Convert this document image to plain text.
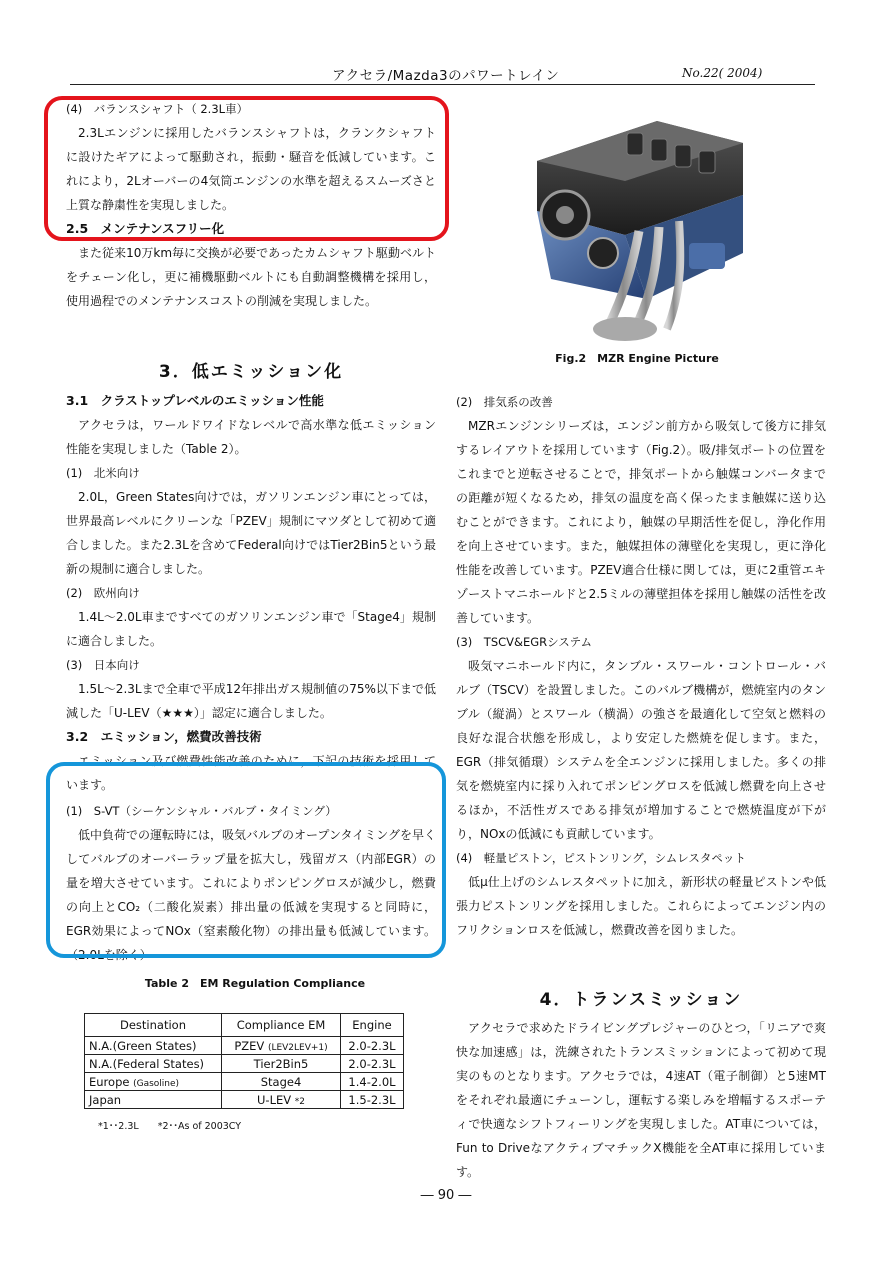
アクセラ/Mazda3のパワートレイン	No.22( 2004)
(4)　バランスシャフト（ 2.3L車）

2.3Lエンジンに採用したバランスシャフトは，クランクシャフトに設けたギアによって駆動され，振動・騒音を低減しています。これにより，2Lオーバーの4気筒エンジンの水準を超えるスムーズさと上質な静粛性を実現しました。

2.5　メンテナンスフリー化

また従来10万km毎に交換が必要であったカムシャフト駆動ベルトをチェーン化し，更に補機駆動ベルトにも自動調整機構を採用し，使用過程でのメンテナンスコストの削減を実現しました。

3．低エミッション化
3.1　クラストップレベルのエミッション性能

アクセラは，ワールドワイドなレベルで高水準な低エミッション性能を実現しました（Table 2）。

(1)　北米向け

2.0L，Green States向けでは，ガソリンエンジン車にとっては，世界最高レベルにクリーンな「PZEV」規制にマツダとして初めて適合しました。また2.3Lを含めてFederal向けではTier2Bin5という最新の規制に適合しました。

(2)　欧州向け

1.4L～2.0L車まですべてのガソリンエンジン車で「Stage4」規制に適合しました。

(3)　日本向け

1.5L～2.3Lまで全車で平成12年排出ガス規制値の75%以下まで低減した「U-LEV（★★★）」認定に適合しました。

3.2　エミッション，燃費改善技術

エミッション及び燃費性能改善のために，下記の技術を採用しています。

(1)　S-VT（シーケンシャル・バルブ・タイミング）

低中負荷での運転時には，吸気バルブのオープンタイミングを早くしてバルブのオーバーラップ量を拡大し，残留ガス（内部EGR）の量を増大させています。これによりポンピングロスが減少し，燃費の向上とCO₂（二酸化炭素）排出量の低減を実現すると同時に，EGR効果によってNOx（窒素酸化物）の排出量も低減しています。（2.0Lを除く）

Table 2　EM Regulation Compliance
Destination	Compliance EM	Engine
N.A.(Green States)	PZEV (LEV2LEV+1)	2.0-2.3L
N.A.(Federal States)	Tier2Bin5	2.0-2.3L
Europe (Gasoline)	Stage4	1.4-2.0L
Japan	U-LEV *2	1.5-2.3L
*1･･2.3L　　*2･･As of 2003CY
Fig.2　MZR Engine Picture
(2)　排気系の改善

MZRエンジンシリーズは，エンジン前方から吸気して後方に排気するレイアウトを採用しています（Fig.2）。吸/排気ポートの位置をこれまでと逆転させることで，排気ポートから触媒コンバータまでの距離が短くなるため，排気の温度を高く保ったまま触媒に送り込むことができます。これにより，触媒の早期活性を促し，浄化作用を向上させています。また，触媒担体の薄壁化を実現し，更に浄化性能を改善しています。PZEV適合仕様に関しては，更に2重管エキゾーストマニホールドと2.5ミルの薄壁担体を採用し触媒の活性を改善しています。

(3)　TSCV&EGRシステム

吸気マニホールド内に，タンブル・スワール・コントロール・バルブ（TSCV）を設置しました。このバルブ機構が，燃焼室内のタンブル（縦渦）とスワール（横渦）の強さを最適化して空気と燃料の良好な混合状態を形成し，より安定した燃焼を促します。また，EGR（排気循環）システムを全エンジンに採用しました。多くの排気を燃焼室内に採り入れてポンピングロスを低減し燃費を向上させるほか，不活性ガスである排気が増加することで燃焼温度が下がり，NOxの低減にも貢献しています。

(4)　軽量ピストン，ピストンリング，シムレスタペット

低μ仕上げのシムレスタペットに加え，新形状の軽量ピストンや低張力ピストンリングを採用しました。これらによってエンジン内のフリクションロスを低減し，燃費改善を図りました。

4．トランスミッション

アクセラで求めたドライビングプレジャーのひとつ，「リニアで爽快な加速感」は，洗練されたトランスミッションによって初めて現実のものとなります。アクセラでは，4速AT（電子制御）と5速MTをそれぞれ最適にチューンし，運転する楽しみを増幅するスポーティで快適なシフトフィーリングを実現しました。AT車については，Fun to DriveなアクティブマチックX機能を全AT車に採用しています。

― 90 ―
